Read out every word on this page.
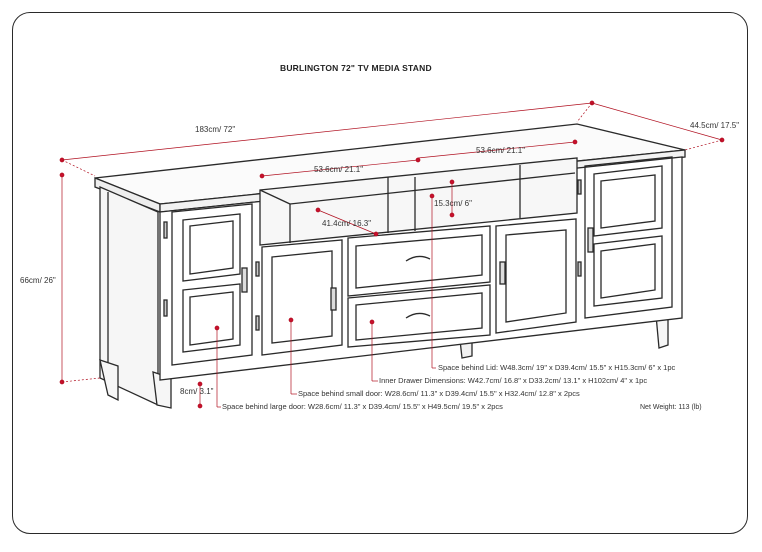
BURLINGTON 72" TV MEDIA STAND
183cm/ 72"	44.5cm/ 17.5"
66cm/ 26"
8cm/ 3.1"
53.6cm/ 21.1"
53.6cm/ 21.1"
41.4cm/ 16.3"
15.3cm/ 6"
Space behind Lid: W48.3cm/ 19" x D39.4cm/ 15.5" x H15.3cm/ 6" x 1pc
Inner Drawer Dimensions: W42.7cm/ 16.8" x D33.2cm/ 13.1" x H102cm/ 4" x 1pc
Space behind small door: W28.6cm/ 11.3" x D39.4cm/ 15.5" x H32.4cm/ 12.8" x 2pcs
Space behind large door: W28.6cm/ 11.3" x D39.4cm/ 15.5" x H49.5cm/ 19.5" x 2pcs	Net Weight: 113 (lb)
